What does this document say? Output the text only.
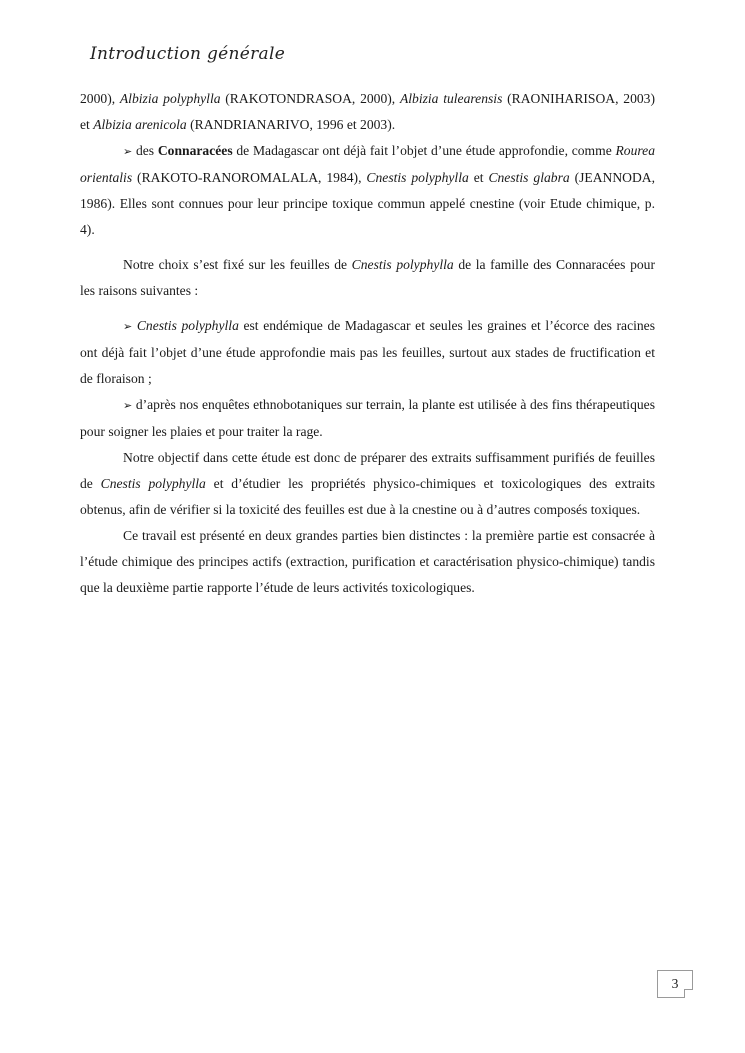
Introduction générale

2000), Albizia polyphylla (RAKOTONDRASOA, 2000), Albizia tulearensis (RAONIHARISOA, 2003) et Albizia arenicola (RANDRIANARIVO, 1996 et 2003).

➢ des Connaracées de Madagascar ont déjà fait l’objet d’une étude approfondie, comme Rourea orientalis (RAKOTO-RANOROMALALA, 1984), Cnestis polyphylla et Cnestis glabra (JEANNODA, 1986). Elles sont connues pour leur principe toxique commun appelé cnestine (voir Etude chimique, p. 4).

Notre choix s’est fixé sur les feuilles de Cnestis polyphylla de la famille des Connaracées pour les raisons suivantes :

➢ Cnestis polyphylla est endémique de Madagascar et seules les graines et l’écorce des racines ont déjà fait l’objet d’une étude approfondie mais pas les feuilles, surtout aux stades de fructification et de floraison ;

➢ d’après nos enquêtes ethnobotaniques sur terrain, la plante est utilisée à des fins thérapeutiques pour soigner les plaies et pour traiter la rage.

Notre objectif dans cette étude est donc de préparer des extraits suffisamment purifiés de feuilles de Cnestis polyphylla et d’étudier les propriétés physico-chimiques et toxicologiques des extraits obtenus, afin de vérifier si la toxicité des feuilles est due à la cnestine ou à d’autres composés toxiques.

Ce travail est présenté en deux grandes parties bien distinctes : la première partie est consacrée à l’étude chimique des principes actifs (extraction, purification et caractérisation physico-chimique) tandis que la deuxième partie rapporte l’étude de leurs activités toxicologiques.

3
